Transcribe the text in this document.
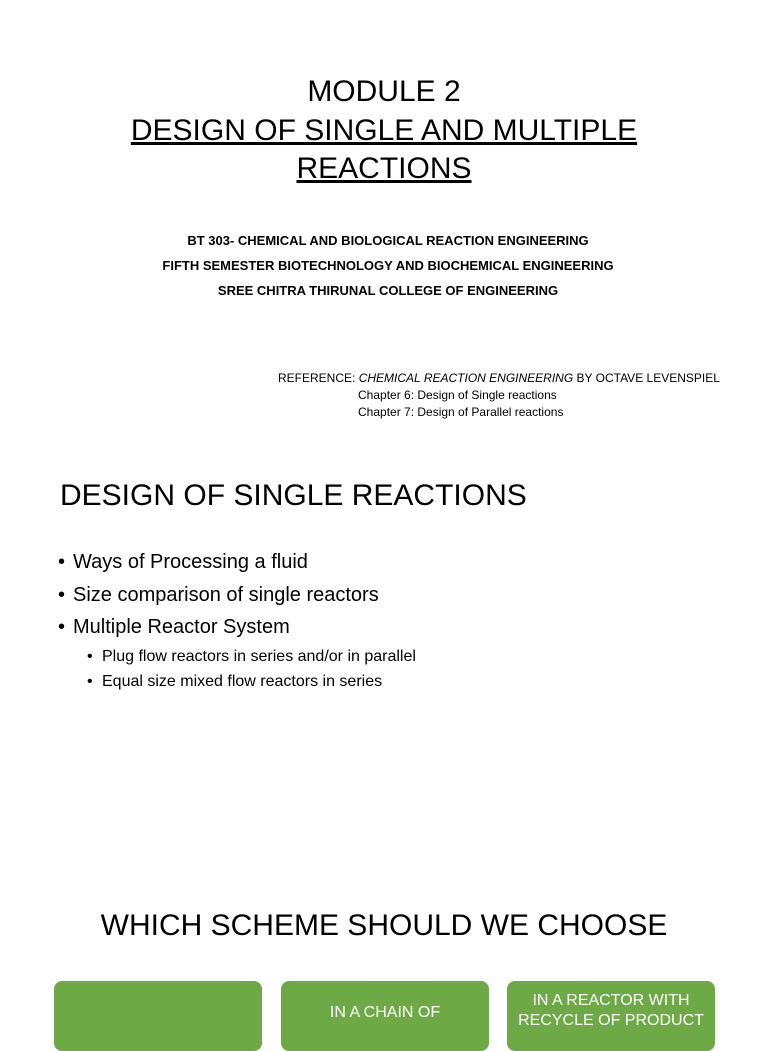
MODULE 2
DESIGN OF SINGLE AND MULTIPLE
REACTIONS
BT 303- CHEMICAL AND BIOLOGICAL REACTION ENGINEERING
FIFTH SEMESTER BIOTECHNOLOGY AND BIOCHEMICAL ENGINEERING
SREE CHITRA THIRUNAL COLLEGE OF ENGINEERING
REFERENCE: CHEMICAL REACTION ENGINEERING BY OCTAVE LEVENSPIEL
Chapter 6: Design of Single reactions
Chapter 7: Design of Parallel reactions
DESIGN OF SINGLE REACTIONS
• Ways of Processing a fluid
• Size comparison of single reactors
• Multiple Reactor System
• Plug flow reactors in series and/or in parallel
• Equal size mixed flow reactors in series
WHICH SCHEME SHOULD WE CHOOSE
IN A CHAIN OF
IN A REACTOR WITH RECYCLE OF PRODUCT
